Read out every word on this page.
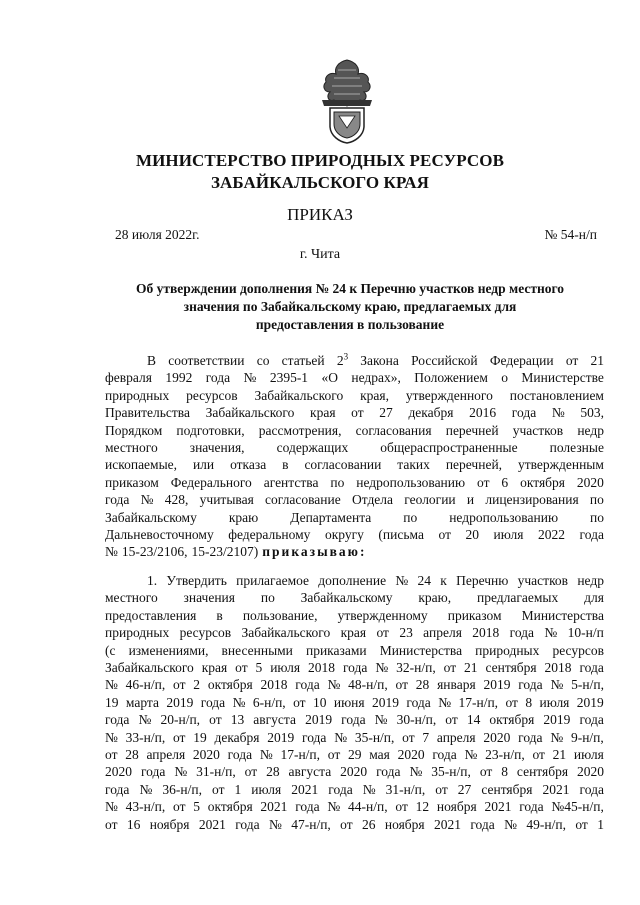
МИНИСТЕРСТВО ПРИРОДНЫХ РЕСУРСОВ
ЗАБАЙКАЛЬСКОГО КРАЯ
ПРИКАЗ
28 июля 2022г.	№ 54-н/п
г. Чита
Об утверждении дополнения № 24 к Перечню участков недр местного
значения по Забайкальскому краю, предлагаемых для
предоставления в пользование
В соответствии со статьей $2^3$ Закона Российской Федерации от 21
февраля 1992 года № 2395-1 «О недрах», Положением о Министерстве
природных ресурсов Забайкальского края, утвержденного постановлением
Правительства Забайкальского края от 27 декабря 2016 года № 503,
Порядком подготовки, рассмотрения, согласования перечней участков недр
местного значения, содержащих общераспространенные полезные
ископаемые, или отказа в согласовании таких перечней, утвержденным
приказом Федерального агентства по недропользованию от 6 октября 2020
года № 428, учитывая согласование Отдела геологии и лицензирования по
Забайкальскому краю Департамента по недропользованию по
Дальневосточному федеральному округу (письма от 20 июля 2022 года
№ 15-23/2106, 15-23/2107) приказываю:
1. Утвердить прилагаемое дополнение № 24 к Перечню участков недр
местного значения по Забайкальскому краю, предлагаемых для
предоставления в пользование, утвержденному приказом Министерства
природных ресурсов Забайкальского края от 23 апреля 2018 года № 10-н/п
(с изменениями, внесенными приказами Министерства природных ресурсов
Забайкальского края от 5 июля 2018 года № 32-н/п, от 21 сентября 2018 года
№ 46-н/п, от 2 октября 2018 года № 48-н/п, от 28 января 2019 года № 5-н/п,
19 марта 2019 года № 6-н/п, от 10 июня 2019 года № 17-н/п, от 8 июля 2019
года № 20-н/п, от 13 августа 2019 года № 30-н/п, от 14 октября 2019 года
№ 33-н/п, от 19 декабря 2019 года № 35-н/п, от 7 апреля 2020 года № 9-н/п,
от 28 апреля 2020 года № 17-н/п, от 29 мая 2020 года № 23-н/п, от 21 июля
2020 года № 31-н/п, от 28 августа 2020 года № 35-н/п, от 8 сентября 2020
года № 36-н/п, от 1 июля 2021 года № 31-н/п, от 27 сентября 2021 года
№ 43-н/п, от 5 октября 2021 года № 44-н/п, от 12 ноября 2021 года №45-н/п,
от 16 ноября 2021 года № 47-н/п, от 26 ноября 2021 года № 49-н/п, от 1
